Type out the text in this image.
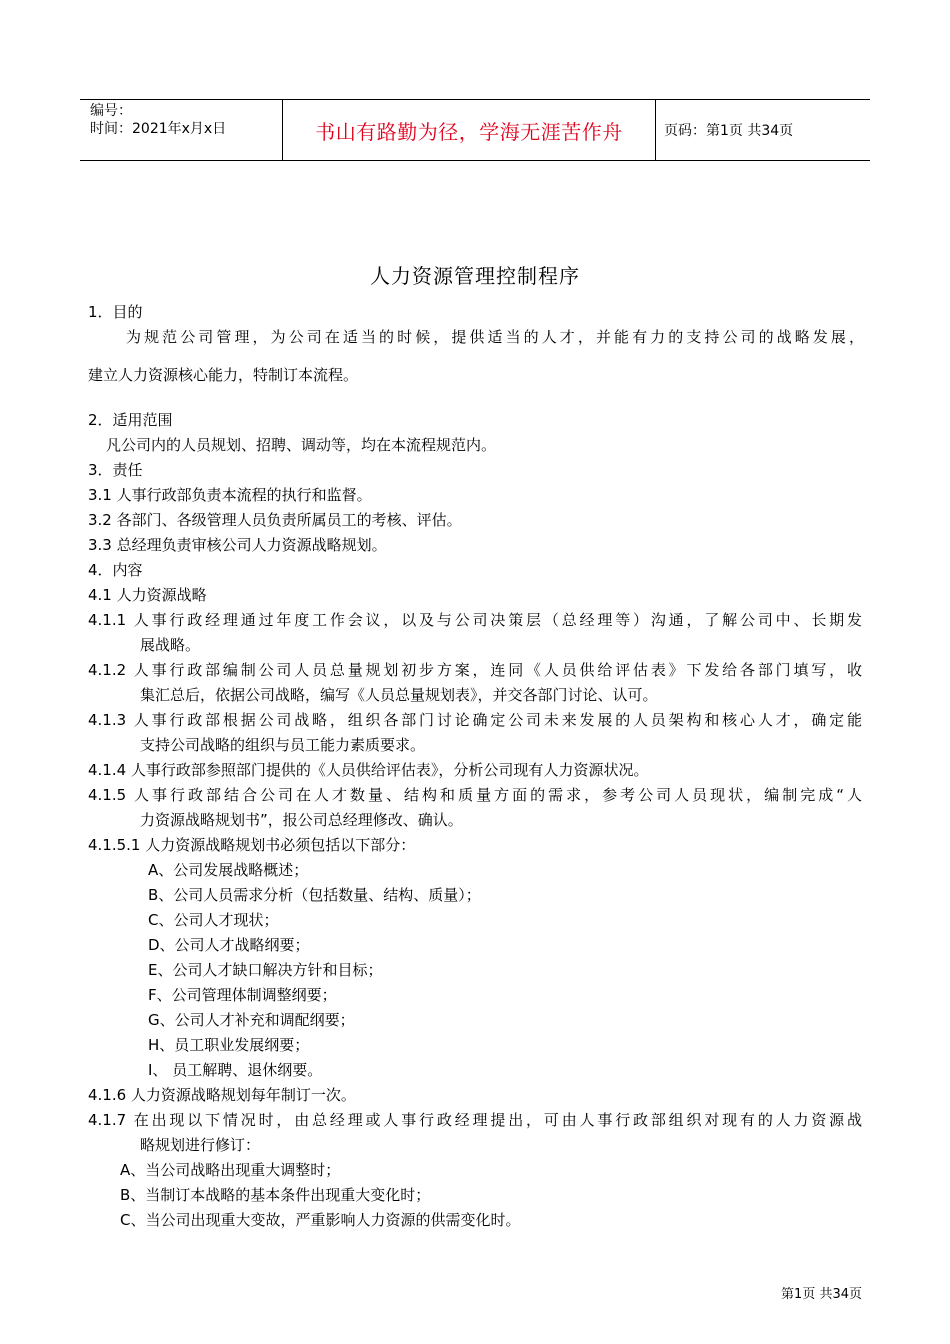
编号：
时间：2021年x月x日	书山有路勤为径，学海无涯苦作舟	页码：第1页 共34页
人力资源管理控制程序
1．目的
为规范公司管理，为公司在适当的时候，提供适当的人才，并能有力的支持公司的战略发展，
建立人力资源核心能力，特制订本流程。
2．适用范围
凡公司内的人员规划、招聘、调动等，均在本流程规范内。
3．责任
3.1 人事行政部负责本流程的执行和监督。
3.2 各部门、各级管理人员负责所属员工的考核、评估。
3.3 总经理负责审核公司人力资源战略规划。
4．内容
4.1 人力资源战略
4.1.1 人事行政经理通过年度工作会议，以及与公司决策层（总经理等）沟通，了解公司中、长期发
展战略。
4.1.2 人事行政部编制公司人员总量规划初步方案，连同《人员供给评估表》下发给各部门填写，收
集汇总后，依据公司战略，编写《人员总量规划表》，并交各部门讨论、认可。
4.1.3 人事行政部根据公司战略，组织各部门讨论确定公司未来发展的人员架构和核心人才，确定能
支持公司战略的组织与员工能力素质要求。
4.1.4 人事行政部参照部门提供的《人员供给评估表》，分析公司现有人力资源状况。
4.1.5 人事行政部结合公司在人才数量、结构和质量方面的需求，参考公司人员现状，编制完成“人
力资源战略规划书”，报公司总经理修改、确认。
4.1.5.1 人力资源战略规划书必须包括以下部分：
A、公司发展战略概述；
B、公司人员需求分析（包括数量、结构、质量）；
C、公司人才现状；
D、公司人才战略纲要；
E、公司人才缺口解决方针和目标；
F、公司管理体制调整纲要；
G、公司人才补充和调配纲要；
H、员工职业发展纲要；
I、 员工解聘、退休纲要。
4.1.6 人力资源战略规划每年制订一次。
4.1.7 在出现以下情况时，由总经理或人事行政经理提出，可由人事行政部组织对现有的人力资源战
略规划进行修订：
A、当公司战略出现重大调整时；
B、当制订本战略的基本条件出现重大变化时；
C、当公司出现重大变故，严重影响人力资源的供需变化时。
第1页 共34页
